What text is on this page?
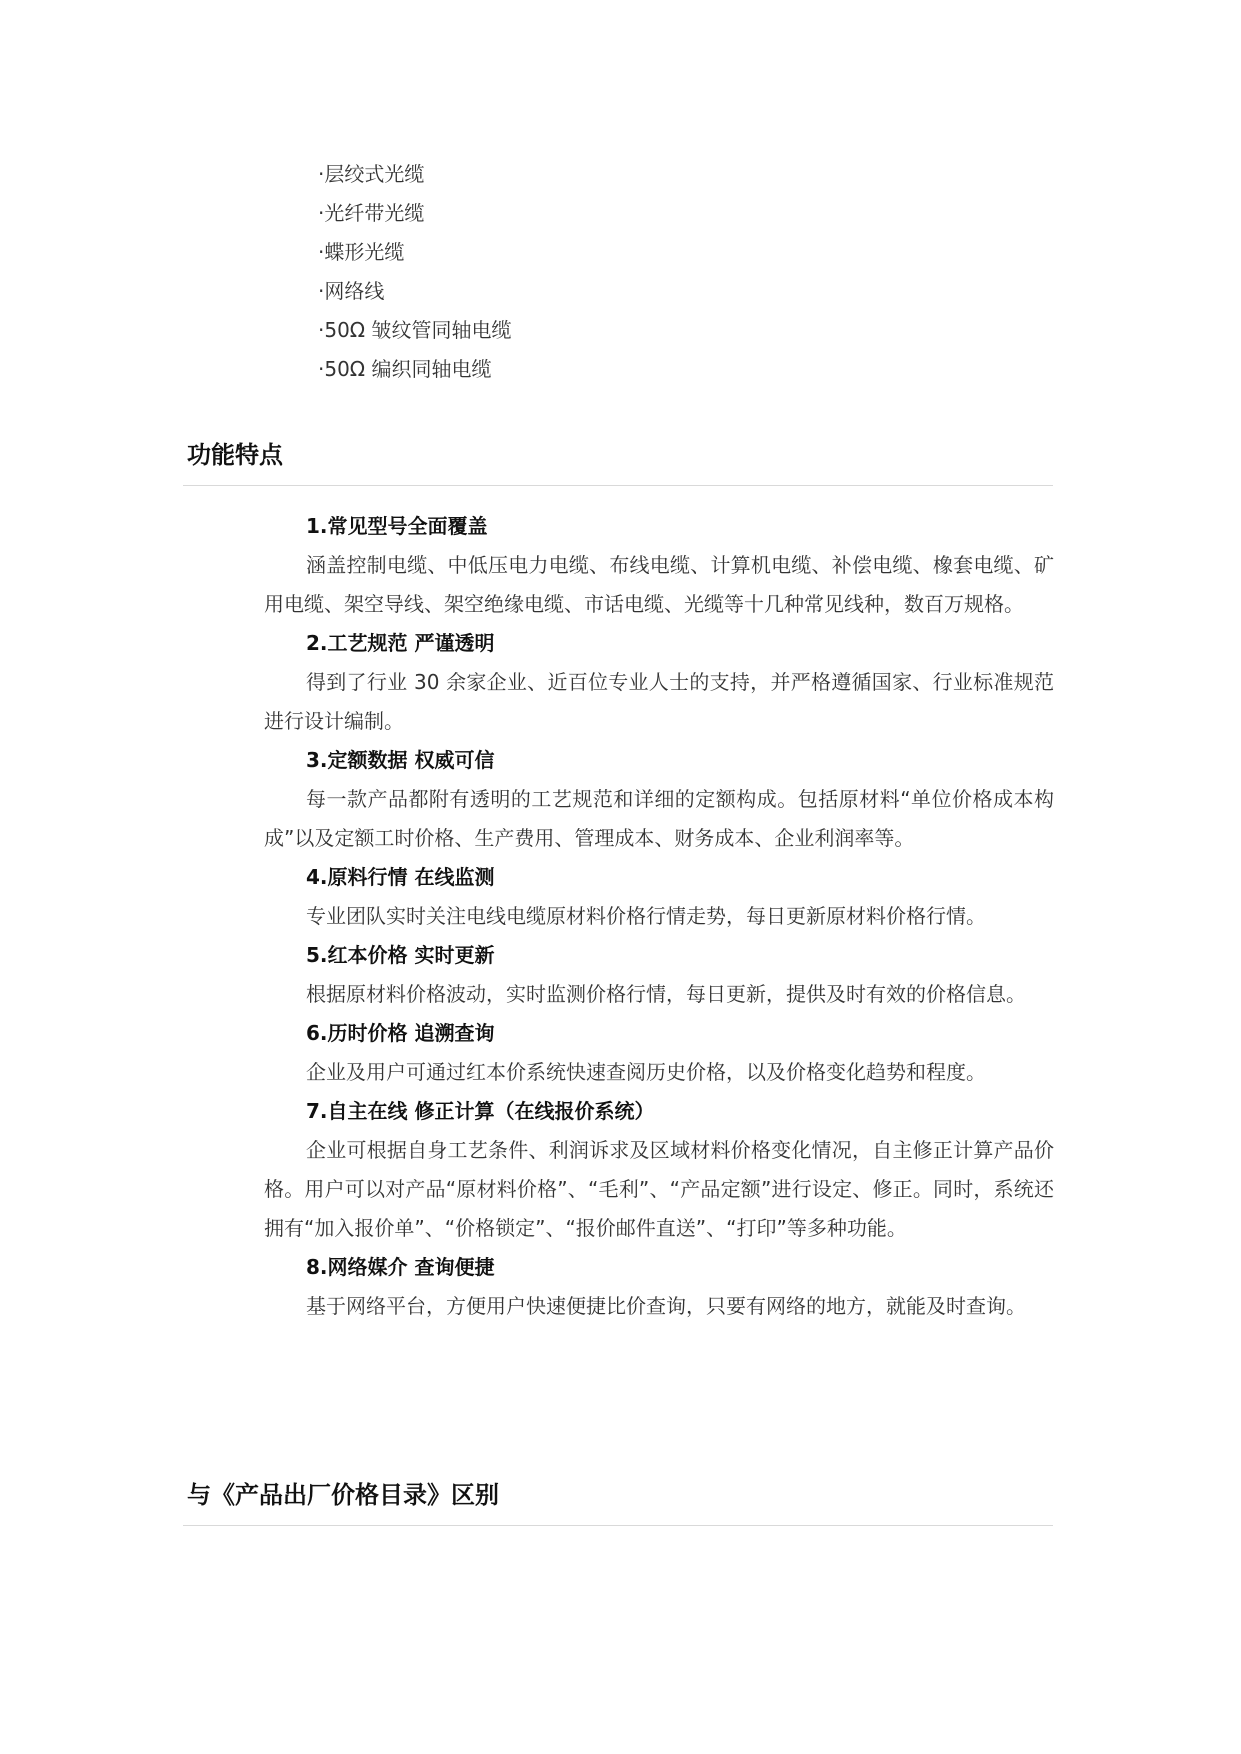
·层绞式光缆
·光纤带光缆
·蝶形光缆
·网络线
·50Ω 皱纹管同轴电缆
·50Ω 编织同轴电缆
功能特点
1.常见型号全面覆盖
涵盖控制电缆、中低压电力电缆、布线电缆、计算机电缆、补偿电缆、橡套电缆、矿用电缆、架空导线、架空绝缘电缆、市话电缆、光缆等十几种常见线种，数百万规格。
2.工艺规范 严谨透明
得到了行业 30 余家企业、近百位专业人士的支持，并严格遵循国家、行业标准规范进行设计编制。
3.定额数据 权威可信
每一款产品都附有透明的工艺规范和详细的定额构成。包括原材料“单位价格成本构成”以及定额工时价格、生产费用、管理成本、财务成本、企业利润率等。
4.原料行情 在线监测
专业团队实时关注电线电缆原材料价格行情走势，每日更新原材料价格行情。
5.红本价格 实时更新
根据原材料价格波动，实时监测价格行情，每日更新，提供及时有效的价格信息。
6.历时价格 追溯查询
企业及用户可通过红本价系统快速查阅历史价格，以及价格变化趋势和程度。
7.自主在线 修正计算（在线报价系统）
企业可根据自身工艺条件、利润诉求及区域材料价格变化情况，自主修正计算产品价格。用户可以对产品“原材料价格”、“毛利”、“产品定额”进行设定、修正。同时，系统还拥有“加入报价单”、“价格锁定”、“报价邮件直送”、“打印”等多种功能。
8.网络媒介 查询便捷
基于网络平台，方便用户快速便捷比价查询，只要有网络的地方，就能及时查询。
与《产品出厂价格目录》区别
